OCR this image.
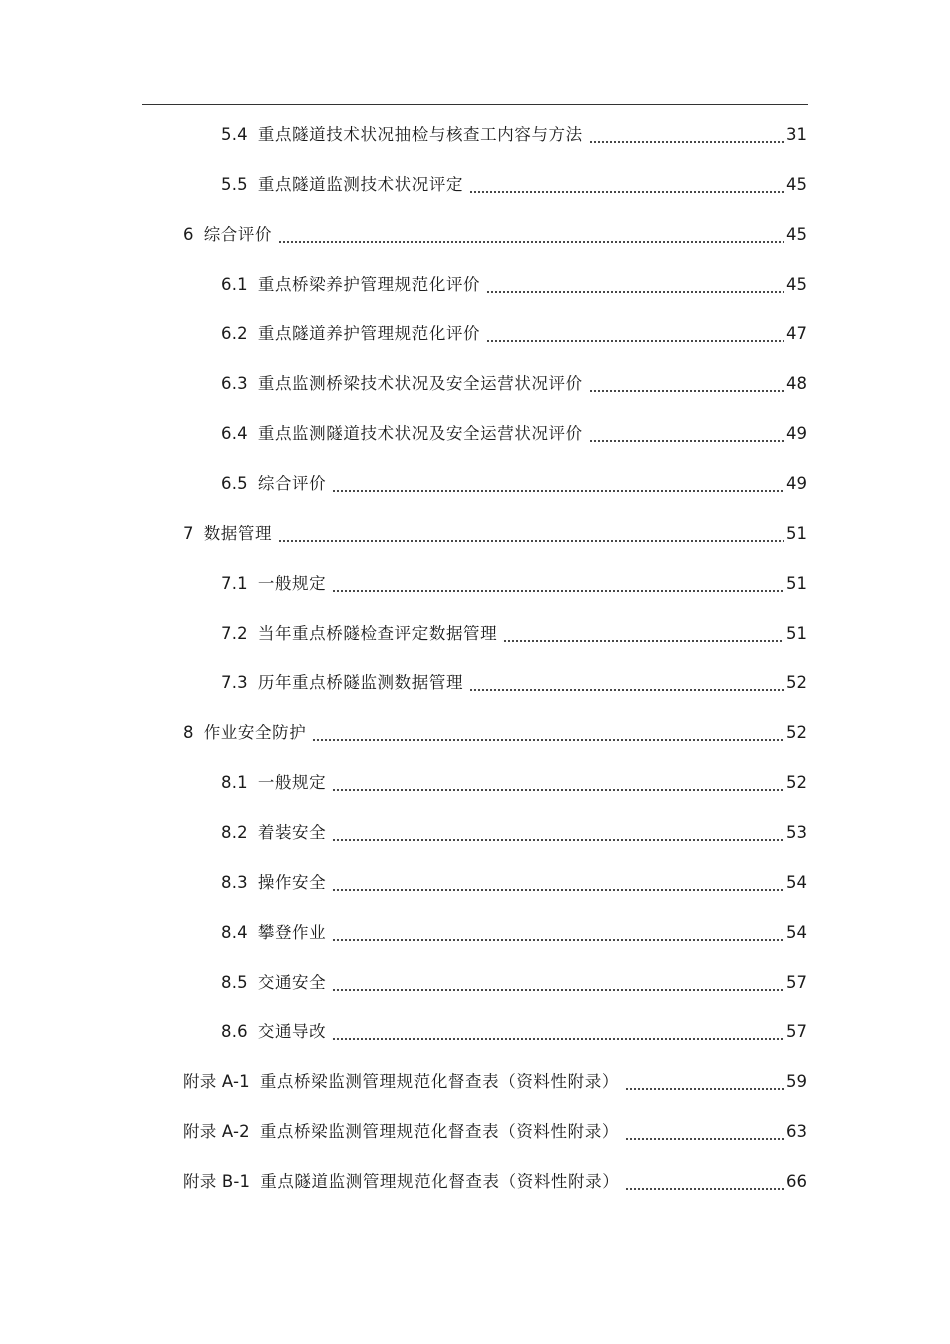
5.4 重点隧道技术状况抽检与核查工内容与方法	31
5.5 重点隧道监测技术状况评定	45
6 综合评价	45
6.1 重点桥梁养护管理规范化评价	45
6.2 重点隧道养护管理规范化评价	47
6.3 重点监测桥梁技术状况及安全运营状况评价	48
6.4 重点监测隧道技术状况及安全运营状况评价	49
6.5 综合评价	49
7 数据管理	51
7.1 一般规定	51
7.2 当年重点桥隧检查评定数据管理	51
7.3 历年重点桥隧监测数据管理	52
8 作业安全防护	52
8.1 一般规定	52
8.2 着装安全	53
8.3 操作安全	54
8.4 攀登作业	54
8.5 交通安全	57
8.6 交通导改	57
附录 A-1 重点桥梁监测管理规范化督查表（资料性附录）	59
附录 A-2 重点桥梁监测管理规范化督查表（资料性附录）	63
附录 B-1 重点隧道监测管理规范化督查表（资料性附录）	66
